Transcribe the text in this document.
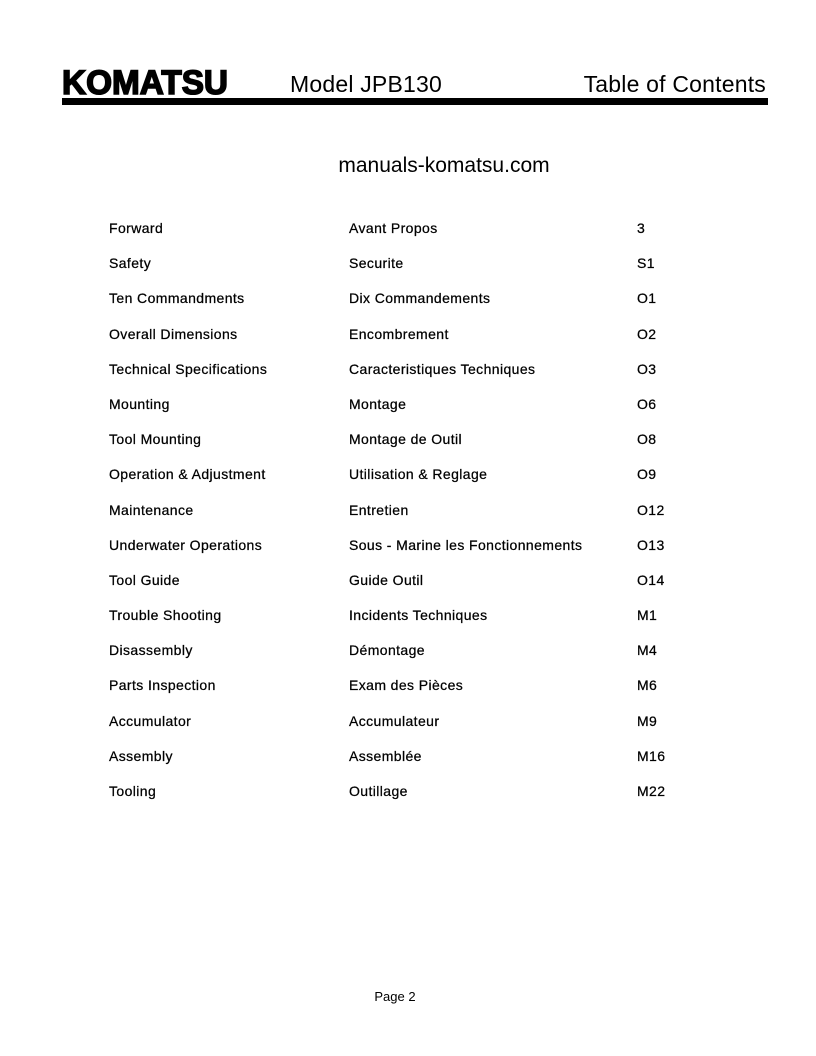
KOMATSU	Model JPB130	Table of Contents
manuals-komatsu.com
Forward	Avant Propos	3
Safety	Securite	S1
Ten Commandments	Dix Commandements	O1
Overall Dimensions	Encombrement	O2
Technical Specifications	Caracteristiques Techniques	O3
Mounting	Montage	O6
Tool Mounting	Montage de Outil	O8
Operation & Adjustment	Utilisation & Reglage	O9
Maintenance	Entretien	O12
Underwater Operations	Sous - Marine les Fonctionnements	O13
Tool Guide	Guide Outil	O14
Trouble Shooting	Incidents Techniques	M1
Disassembly	Démontage	M4
Parts Inspection	Exam des Pièces	M6
Accumulator	Accumulateur	M9
Assembly	Assemblée	M16
Tooling	Outillage	M22
Page 2
